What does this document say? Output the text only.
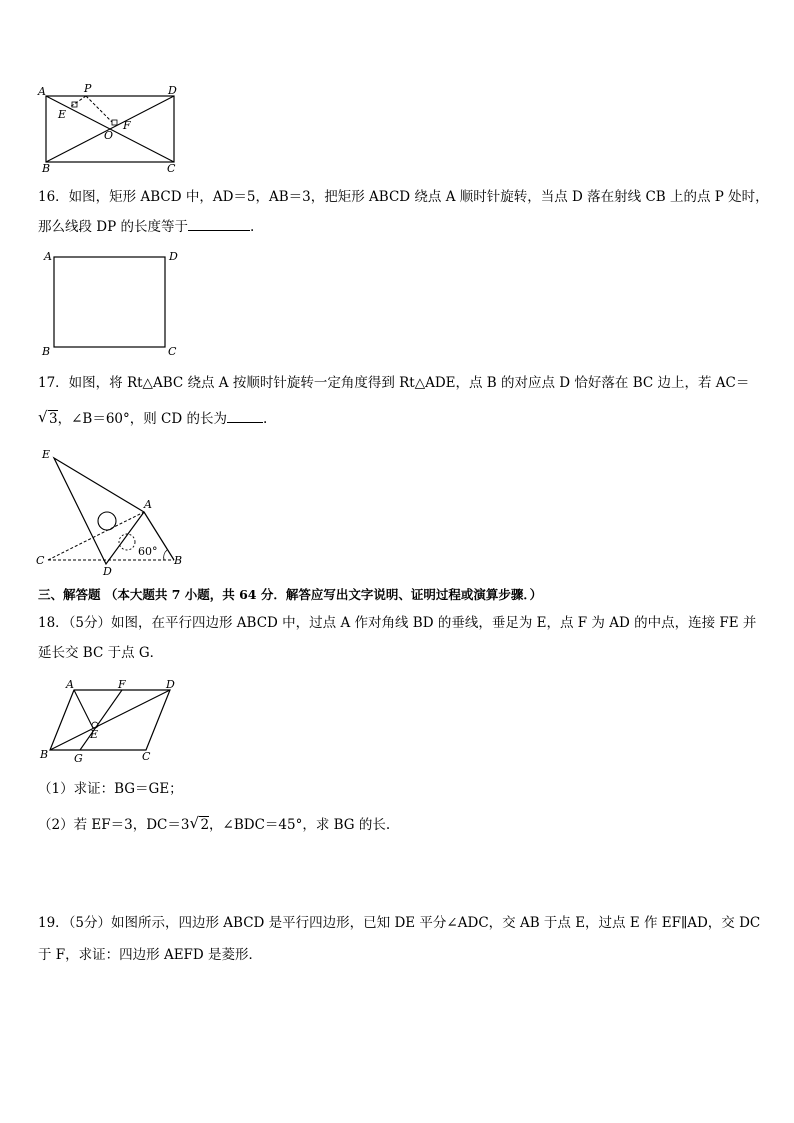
A	P	D
E
F
O
B	C
16．如图，矩形 ABCD 中，AD＝5，AB＝3，把矩形 ABCD 绕点 A 顺时针旋转，当点 D 落在射线 CB 上的点 P 处时，
那么线段 DP 的长度等于	.
A	D
B	C
17．如图，将 Rt△ABC 绕点 A 按顺时针旋转一定角度得到 Rt△ADE，点 B 的对应点 D 恰好落在 BC 边上，若 AC＝
√ 3，∠B＝60°，则 CD 的长为	.
E
A
C
D
B
60°
三、解答题 （本大题共 7 小题，共 64 分．解答应写出文字说明、证明过程或演算步骤．）
18．（5分）如图，在平行四边形 ABCD 中，过点 A 作对角线 BD 的垂线，垂足为 E，点 F 为 AD 的中点，连接 FE 并
延长交 BC 于点 G．
A	F	D
E
B G	C
（1）求证：BG＝GE；
（2）若 EF＝3，DC＝3 √ 2，∠BDC＝45°，求 BG 的长.
19．（5分）如图所示，四边形 ABCD 是平行四边形，已知 DE 平分∠ADC，交 AB 于点 E，过点 E 作 EF∥AD，交 DC
于 F，求证：四边形 AEFD 是菱形．
